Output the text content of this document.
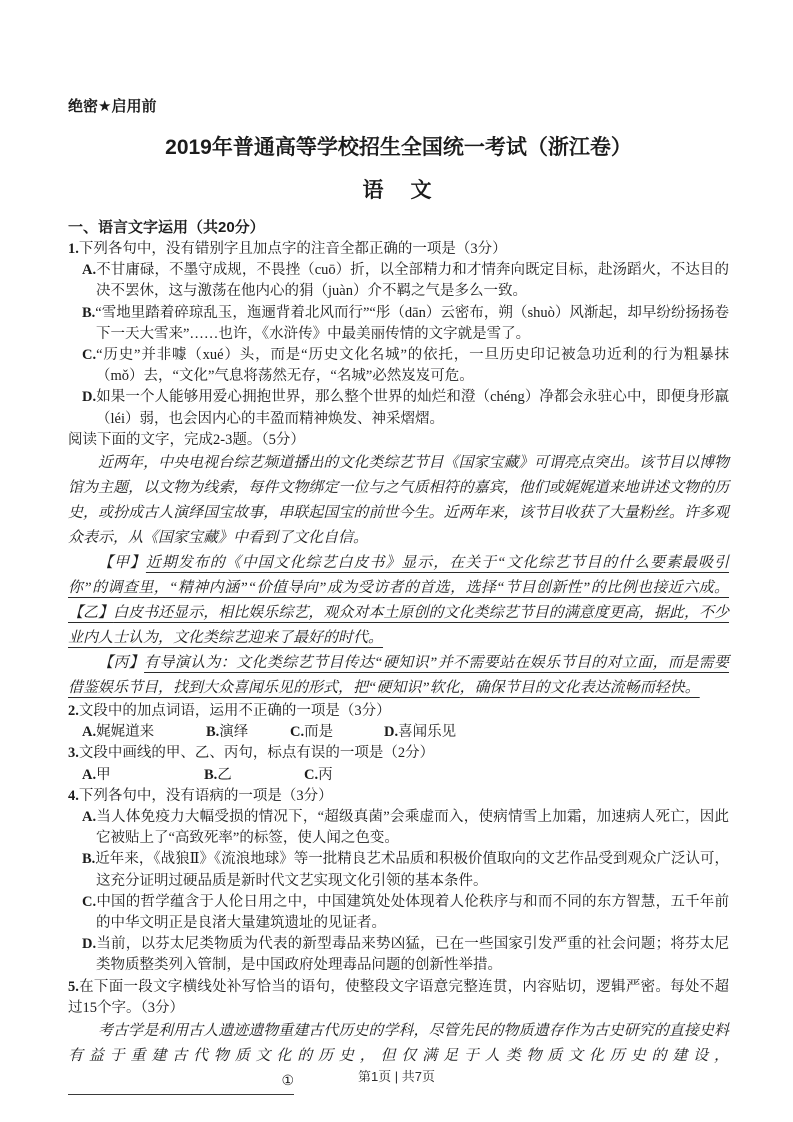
绝密★启用前
2019年普通高等学校招生全国统一考试（浙江卷）
语　文
一、语言文字运用（共20分）

1.下列各句中，没有错别字且加点字的注音全都正确的一项是（3分）

A.不甘庸碌，不墨守成规，不畏挫（cuō）折，以全部精力和才情奔向既定目标，赴汤蹈火，不达目的决不罢休，这与激荡在他内心的狷（juàn）介不羁之气是多么一致。

B.“雪地里踏着碎琼乱玉，迤逦背着北风而行”“彤（dān）云密布，朔（shuò）风渐起，却早纷纷扬扬卷下一天大雪来”……也许，《水浒传》中最美丽传情的文字就是雪了。

C.“历史”并非噱（xué）头，而是“历史文化名城”的依托，一旦历史印记被急功近利的行为粗暴抹（mǒ）去，“文化”气息将荡然无存，“名城”必然岌岌可危。

D.如果一个人能够用爱心拥抱世界，那么整个世界的灿烂和澄（chéng）净都会永驻心中，即便身形羸（léi）弱，也会因内心的丰盈而精神焕发、神采熠熠。

阅读下面的文字，完成2-3题。（5分）

近两年，中央电视台综艺频道播出的文化类综艺节目《国家宝藏》可谓亮点突出。该节目以博物馆为主题，以文物为线索，每件文物绑定一位与之气质相符的嘉宾，他们或娓娓道来地讲述文物的历史，或扮成古人演绎国宝故事，串联起国宝的前世今生。近两年来，该节目收获了大量粉丝。许多观众表示，从《国家宝藏》中看到了文化自信。

【甲】近期发布的《中国文化综艺白皮书》显示，在关于“文化综艺节目的什么要素最吸引你”的调查里，“精神内涵”“价值导向”成为受访者的首选，选择“节目创新性”的比例也接近六成。【乙】白皮书还显示，相比娱乐综艺，观众对本土原创的文化类综艺节目的满意度更高，据此，不少业内人士认为，文化类综艺迎来了最好的时代。

【丙】有导演认为：文化类综艺节目传达“硬知识”并不需要站在娱乐节目的对立面，而是需要借鉴娱乐节目，找到大众喜闻乐见的形式，把“硬知识”软化，确保节目的文化表达流畅而轻快。

2.文段中的加点词语，运用不正确的一项是（3分）

A.娓娓道来	B.演绎	C.而是	D.喜闻乐见

3.文段中画线的甲、乙、丙句，标点有误的一项是（2分）

A.甲	B.乙	C.丙

4.下列各句中，没有语病的一项是（3分）

A.当人体免疫力大幅受损的情况下，“超级真菌”会乘虚而入，使病情雪上加霜，加速病人死亡，因此它被贴上了“高致死率”的标签，使人闻之色变。

B.近年来，《战狼Ⅱ》《流浪地球》等一批精良艺术品质和积极价值取向的文艺作品受到观众广泛认可，这充分证明过硬品质是新时代文艺实现文化引领的基本条件。

C.中国的哲学蕴含于人伦日用之中，中国建筑处处体现着人伦秩序与和而不同的东方智慧，五千年前的中华文明正是良渚大量建筑遗址的见证者。

D.当前，以芬太尼类物质为代表的新型毒品来势凶猛，已在一些国家引发严重的社会问题；将芬太尼类物质整类列入管制，是中国政府处理毒品问题的创新性举措。

5.在下面一段文字横线处补写恰当的语句，使整段文字语意完整连贯，内容贴切，逻辑严密。每处不超过15个字。（3分）

考古学是利用古人遗迹遗物重建古代历史的学科，尽管先民的物质遗存作为古史研究的直接史料有益于重建古代物质文化的历史，但仅满足于人类物质文化历史的建设，①	第1页 | 共7页
